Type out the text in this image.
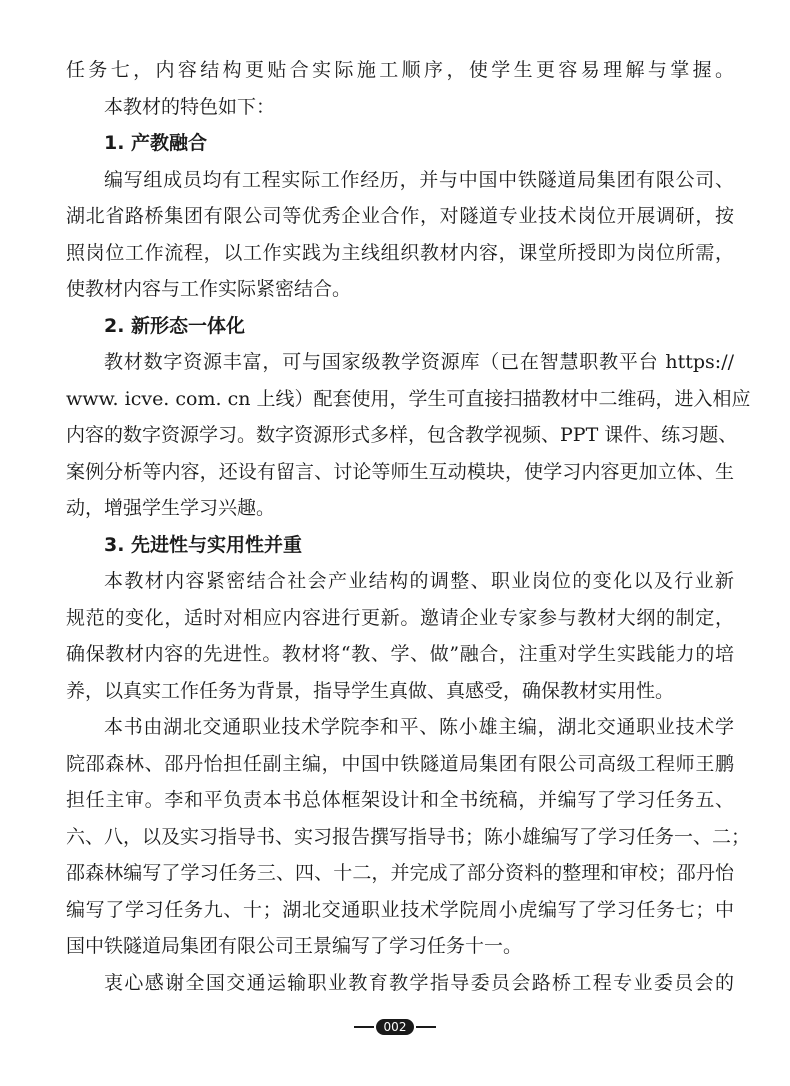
任务七，内容结构更贴合实际施工顺序，使学生更容易理解与掌握。
本教材的特色如下：
1. 产教融合
编写组成员均有工程实际工作经历，并与中国中铁隧道局集团有限公司、
湖北省路桥集团有限公司等优秀企业合作，对隧道专业技术岗位开展调研，按
照岗位工作流程，以工作实践为主线组织教材内容，课堂所授即为岗位所需，
使教材内容与工作实际紧密结合。
2. 新形态一体化
教材数字资源丰富，可与国家级教学资源库（已在智慧职教平台 https://
www. icve. com. cn 上线）配套使用，学生可直接扫描教材中二维码，进入相应
内容的数字资源学习。数字资源形式多样，包含教学视频、PPT 课件、练习题、
案例分析等内容，还设有留言、讨论等师生互动模块，使学习内容更加立体、生
动，增强学生学习兴趣。
3. 先进性与实用性并重
本教材内容紧密结合社会产业结构的调整、职业岗位的变化以及行业新
规范的变化，适时对相应内容进行更新。邀请企业专家参与教材大纲的制定，
确保教材内容的先进性。教材将“教、学、做”融合，注重对学生实践能力的培
养，以真实工作任务为背景，指导学生真做、真感受，确保教材实用性。
本书由湖北交通职业技术学院李和平、陈小雄主编，湖北交通职业技术学
院邵森林、邵丹怡担任副主编，中国中铁隧道局集团有限公司高级工程师王鹏
担任主审。李和平负责本书总体框架设计和全书统稿，并编写了学习任务五、
六、八，以及实习指导书、实习报告撰写指导书；陈小雄编写了学习任务一、二；
邵森林编写了学习任务三、四、十二，并完成了部分资料的整理和审校；邵丹怡
编写了学习任务九、十；湖北交通职业技术学院周小虎编写了学习任务七；中
国中铁隧道局集团有限公司王景编写了学习任务十一。
衷心感谢全国交通运输职业教育教学指导委员会路桥工程专业委员会的
002
